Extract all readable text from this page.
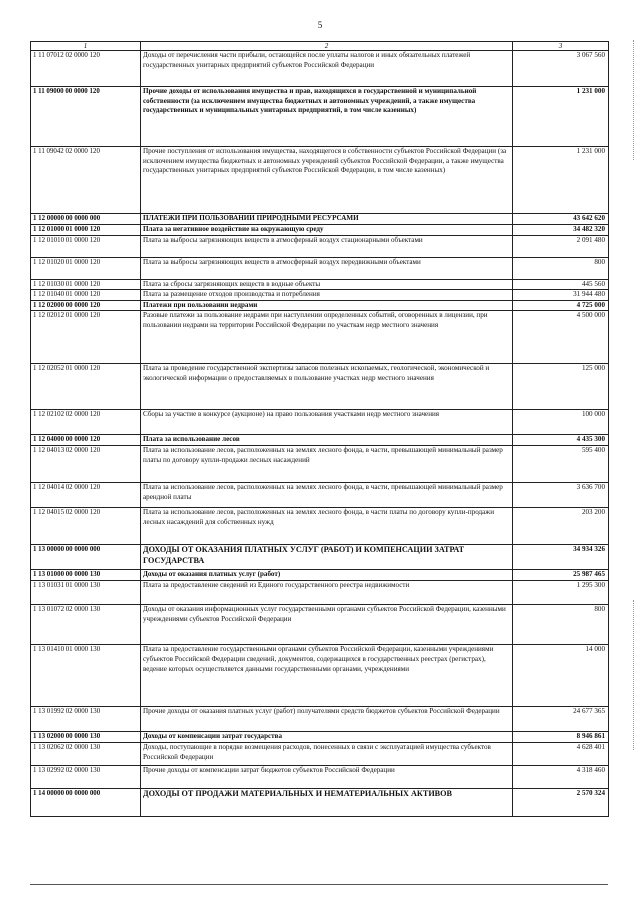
5
1	2	3
1 11 07012 02 0000 120	Доходы от перечисления части прибыли, остающейся после уплаты налогов и иных обязательных платежей государственных унитарных предприятий субъектов Российской Федерации	3 067 560
1 11 09000 00 0000 120	Прочие доходы от использования имущества и прав, находящихся в государственной и муниципальной собственности (за исключением имущества бюджетных и автономных учреждений, а также имущества государственных и муниципальных унитарных предприятий, в том числе казенных)	1 231 000
1 11 09042 02 0000 120	Прочие поступления от использования имущества, находящегося в собственности субъектов Российской Федерации (за исключением имущества бюджетных и автономных учреждений субъектов Российской Федерации, а также имущества государственных унитарных предприятий субъектов Российской Федерации, в том числе казенных)	1 231 000
1 12 00000 00 0000 000	ПЛАТЕЖИ ПРИ ПОЛЬЗОВАНИИ ПРИРОДНЫМИ РЕСУРСАМИ	43 642 620
1 12 01000 01 0000 120	Плата за негативное воздействие на окружающую среду	34 482 320
1 12 01010 01 0000 120	Плата за выбросы загрязняющих веществ в атмосферный воздух стационарными объектами	2 091 480
1 12 01020 01 0000 120	Плата за выбросы загрязняющих веществ в атмосферный воздух передвижными объектами	800
1 12 01030 01 0000 120	Плата за сбросы загрязняющих веществ в водные объекты	445 560
1 12 01040 01 0000 120	Плата за размещение отходов производства и потребления	31 944 480
1 12 02000 00 0000 120	Платежи при пользовании недрами	4 725 000
1 12 02012 01 0000 120	Разовые платежи за пользование недрами при наступлении определенных событий, оговоренных в лицензии, при пользовании недрами на территории Российской Федерации по участкам недр местного значения	4 500 000
1 12 02052 01 0000 120	Плата за проведение государственной экспертизы запасов полезных ископаемых, геологической, экономической и экологической информации о предоставляемых в пользование участках недр местного значения	125 000
1 12 02102 02 0000 120	Сборы за участие в конкурсе (аукционе) на право пользования участками недр местного значения	100 000
1 12 04000 00 0000 120	Плата за использование лесов	4 435 300
1 12 04013 02 0000 120	Плата за использование лесов, расположенных на землях лесного фонда, в части, превышающей минимальный размер платы по договору купли-продажи лесных насаждений	595 400
1 12 04014 02 0000 120	Плата за использование лесов, расположенных на землях лесного фонда, в части, превышающей минимальный размер арендной платы	3 636 700
1 12 04015 02 0000 120	Плата за использование лесов, расположенных на землях лесного фонда, в части платы по договору купли-продажи лесных насаждений для собственных нужд	203 200
1 13 00000 00 0000 000	ДОХОДЫ ОТ ОКАЗАНИЯ ПЛАТНЫХ УСЛУГ (РАБОТ) И КОМПЕНСАЦИИ ЗАТРАТ ГОСУДАРСТВА	34 934 326
1 13 01000 00 0000 130	Доходы от оказания платных услуг (работ)	25 987 465
1 13 01031 01 0000 130	Плата за предоставление сведений из Единого государственного реестра недвижимости	1 295 300
1 13 01072 02 0000 130	Доходы от оказания информационных услуг государственными органами субъектов Российской Федерации, казенными учреждениями субъектов Российской Федерации	800
1 13 01410 01 0000 130	Плата за предоставление государственными органами субъектов Российской Федерации, казенными учреждениями субъектов Российской Федерации сведений, документов, содержащихся в государственных реестрах (регистрах), ведение которых осуществляется данными государственными органами, учреждениями	14 000
1 13 01992 02 0000 130	Прочие доходы от оказания платных услуг (работ) получателями средств бюджетов субъектов Российской Федерации	24 677 365
1 13 02000 00 0000 130	Доходы от компенсации затрат государства	8 946 861
1 13 02062 02 0000 130	Доходы, поступающие в порядке возмещения расходов, понесенных в связи с эксплуатацией имущества субъектов Российской Федерации	4 628 401
1 13 02992 02 0000 130	Прочие доходы от компенсации затрат бюджетов субъектов Российской Федерации	4 318 460
1 14 00000 00 0000 000	ДОХОДЫ ОТ ПРОДАЖИ МАТЕРИАЛЬНЫХ И НЕМАТЕРИАЛЬНЫХ АКТИВОВ	2 570 324
